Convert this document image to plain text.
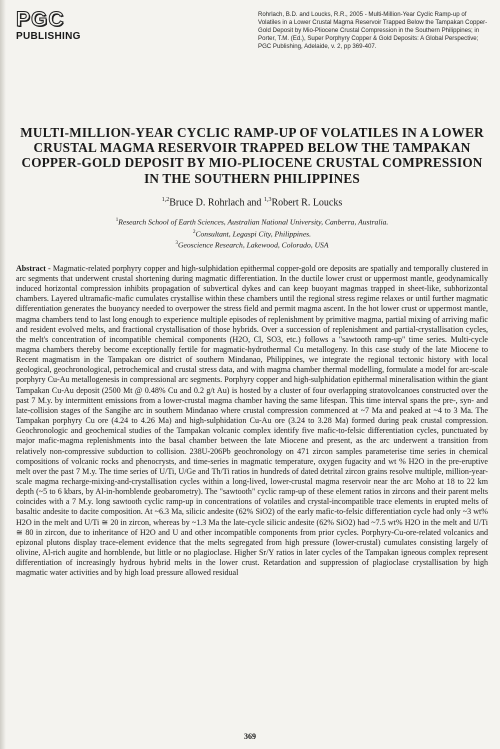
PGC
PUBLISHING
Rohrlach, B.D. and Loucks, R.R., 2005 - Multi-Million-Year Cyclic Ramp-up of Volatiles in a Lower Crustal Magma Reservoir Trapped Below the Tampakan Copper-Gold Deposit by Mio-Pliocene Crustal Compression in the Southern Philippines; in Porter, T.M. (Ed.), Super Porphyry Copper & Gold Deposits: A Global Perspective; PGC Publishing, Adelaide, v. 2, pp 369-407.
MULTI-MILLION-YEAR CYCLIC RAMP-UP OF VOLATILES IN A LOWER CRUSTAL MAGMA RESERVOIR TRAPPED BELOW THE TAMPAKAN COPPER-GOLD DEPOSIT BY MIO-PLIOCENE CRUSTAL COMPRESSION IN THE SOUTHERN PHILIPPINES
$^{1,2}$Bruce D. Rohrlach and $^{1,3}$Robert R. Loucks
$^1$Research School of Earth Sciences, Australian National University, Canberra, Australia.
$^2$Consultant, Legaspi City, Philippines.
$^3$Geoscience Research, Lakewood, Colorado, USA
Abstract - Magmatic-related porphyry copper and high-sulphidation epithermal copper-gold ore deposits are spatially and temporally clustered in arc segments that underwent crustal shortening during magmatic differentiation. In the ductile lower crust or uppermost mantle, geodynamically induced horizontal compression inhibits propagation of subvertical dykes and can keep buoyant magmas trapped in sheet-like, subhorizontal chambers. Layered ultramafic-mafic cumulates crystallise within these chambers until the regional stress regime relaxes or until further magmatic differentiation generates the buoyancy needed to overpower the stress field and permit magma ascent. In the hot lower crust or uppermost mantle, magma chambers tend to last long enough to experience multiple episodes of replenishment by primitive magma, partial mixing of arriving mafic and resident evolved melts, and fractional crystallisation of those hybrids. Over a succession of replenishment and partial-crystallisation cycles, the melt's concentration of incompatible chemical components (H2O, Cl, SO3, etc.) follows a "sawtooth ramp-up" time series. Multi-cycle magma chambers thereby become exceptionally fertile for magmatic-hydrothermal Cu metallogeny. In this case study of the late Miocene to Recent magmatism in the Tampakan ore district of southern Mindanao, Philippines, we integrate the regional tectonic history with local geological, geochronological, petrochemical and crustal stress data, and with magma chamber thermal modelling, formulate a model for arc-scale porphyry Cu-Au metallogenesis in compressional arc segments. Porphyry copper and high-sulphidation epithermal mineralisation within the giant Tampakan Cu-Au deposit (2500 Mt @ 0.48% Cu and 0.2 g/t Au) is hosted by a cluster of four overlapping stratovolcanoes constructed over the past 7 M.y. by intermittent emissions from a lower-crustal magma chamber having the same lifespan. This time interval spans the pre-, syn- and late-collision stages of the Sangihe arc in southern Mindanao where crustal compression commenced at ~7 Ma and peaked at ~4 to 3 Ma. The Tampakan porphyry Cu ore (4.24 to 4.26 Ma) and high-sulphidation Cu-Au ore (3.24 to 3.28 Ma) formed during peak crustal compression. Geochronologic and geochemical studies of the Tampakan volcanic complex identify five mafic-to-felsic differentiation cycles, punctuated by major mafic-magma replenishments into the basal chamber between the late Miocene and present, as the arc underwent a transition from relatively non-compressive subduction to collision. 238U-206Pb geochronology on 471 zircon samples parameterise time series in chemical compositions of volcanic rocks and phenocrysts, and time-series in magmatic temperature, oxygen fugacity and wt % H2O in the pre-eruptive melt over the past 7 M.y. The time series of U/Ti, U/Ge and Th/Ti ratios in hundreds of dated detrital zircon grains resolve multiple, million-year-scale magma recharge-mixing-and-crystallisation cycles within a long-lived, lower-crustal magma reservoir near the arc Moho at 18 to 22 km depth (~5 to 6 kbars, by Al-in-hornblende geobarometry). The "sawtooth" cyclic ramp-up of these element ratios in zircons and their parent melts coincides with a 7 M.y. long sawtooth cyclic ramp-up in concentrations of volatiles and crystal-incompatible trace elements in erupted melts of basaltic andesite to dacite composition. At ~6.3 Ma, silicic andesite (62% SiO2) of the early mafic-to-felsic differentiation cycle had only ~3 wt% H2O in the melt and U/Ti ≅ 20 in zircon, whereas by ~1.3 Ma the late-cycle silicic andesite (62% SiO2) had ~7.5 wt% H2O in the melt and U/Ti ≅ 80 in zircon, due to inheritance of H2O and U and other incompatible components from prior cycles. Porphyry-Cu-ore-related volcanics and epizonal plutons display trace-element evidence that the melts segregated from high pressure (lower-crustal) cumulates consisting largely of olivine, Al-rich augite and hornblende, but little or no plagioclase. Higher Sr/Y ratios in later cycles of the Tampakan igneous complex represent differentiation of increasingly hydrous hybrid melts in the lower crust. Retardation and suppression of plagioclase crystallisation by high magmatic water activities and by high load pressure allowed residual
369
